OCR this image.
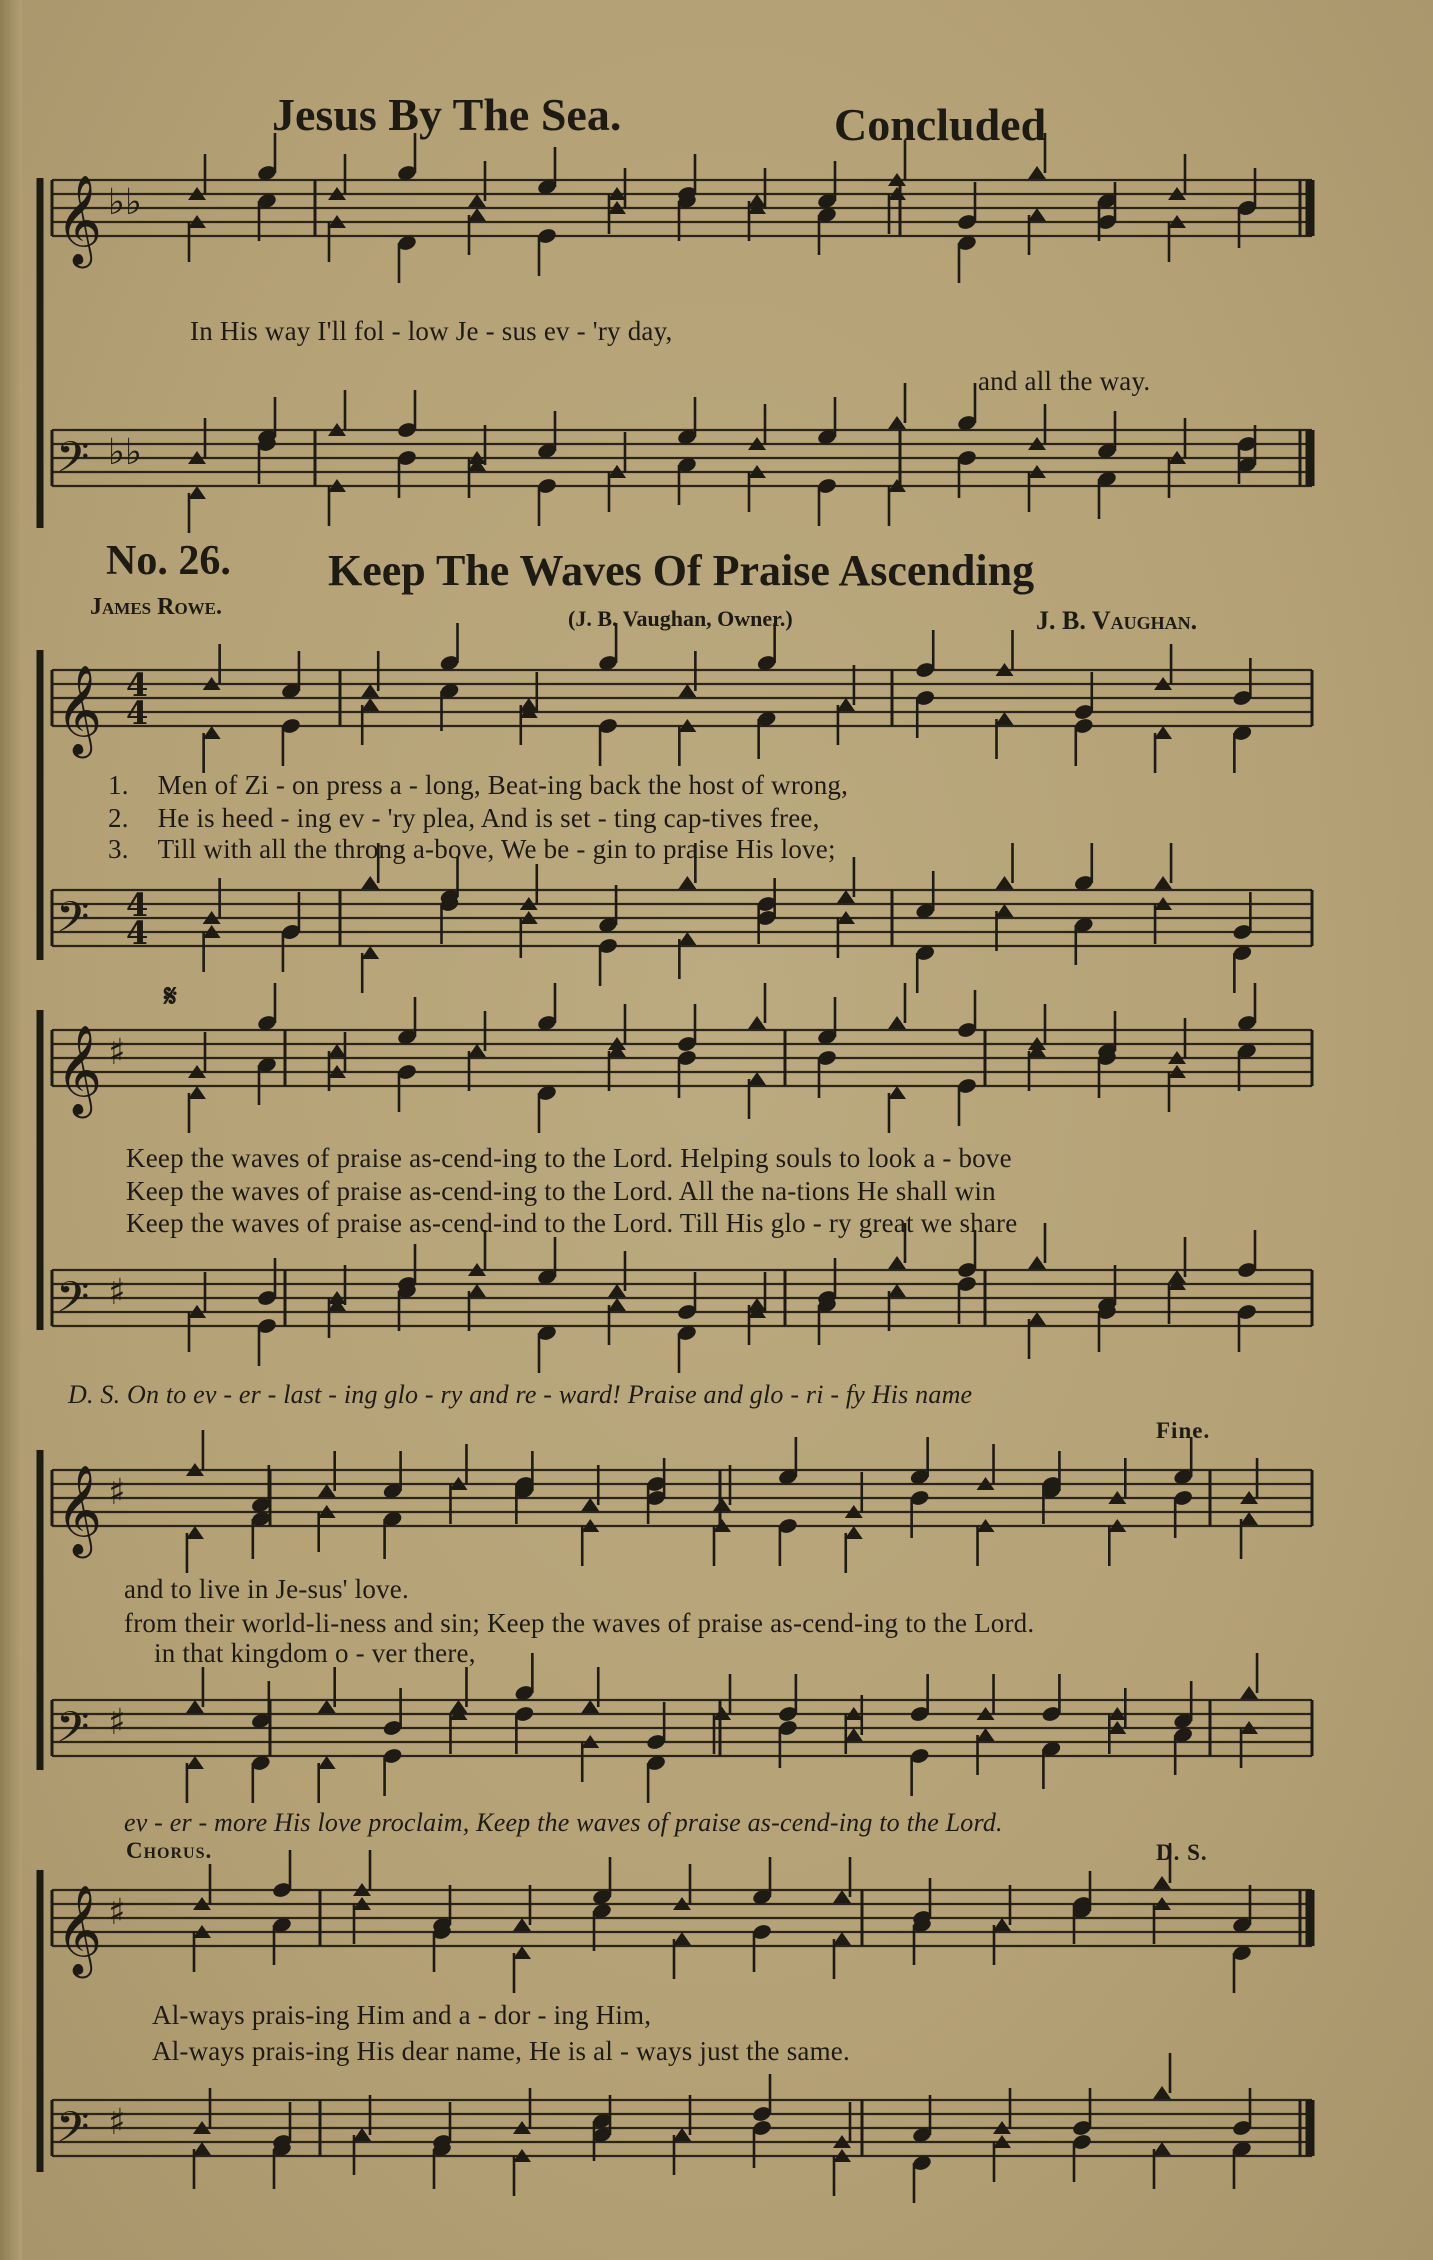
Jesus By The Sea.	Concluded
𝄞 ♭♭
In His way I'll fol - low Je - sus ev - 'ry day,
and all the way.
𝄢 ♭♭
No. 26. Keep The Waves Of Praise Ascending
James Rowe.	(J. B. Vaughan, Owner.)	J. B. Vaughan.
𝄞 4
4
1. Men of Zi - on press a - long, Beat-ing back the host of wrong,
2. He is heed - ing ev - 'ry plea, And is set - ting cap-tives free,
3. Till with all the throng a-bove, We be - gin to praise His love;
𝄢 4
4
𝄋
𝄞 ♯
Keep the waves of praise as-cend-ing to the Lord. Helping souls to look a - bove
Keep the waves of praise as-cend-ing to the Lord. All the na-tions He shall win
Keep the waves of praise as-cend-ind to the Lord. Till His glo - ry great we share
𝄢 ♯
D. S. On to ev - er - last - ing glo - ry and re - ward! Praise and glo - ri - fy His name
Fine.
𝄞 ♯
and to live in Je-sus' love.
from their world-li-ness and sin; Keep the waves of praise as-cend-ing to the Lord.
in that kingdom o - ver there,
𝄢 ♯
ev - er - more His love proclaim, Keep the waves of praise as-cend-ing to the Lord.
Chorus.	D. S.
𝄞 ♯
Al-ways prais-ing Him and a - dor - ing Him,
Al-ways prais-ing His dear name, He is al - ways just the same.
𝄢 ♯
